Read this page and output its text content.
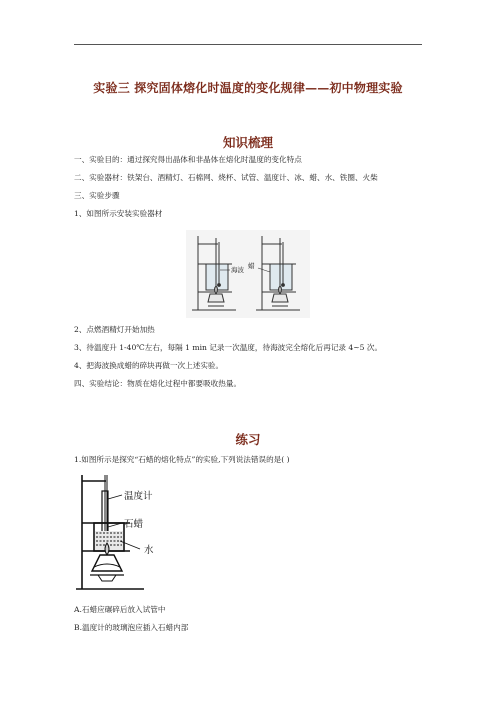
实验三 探究固体熔化时温度的变化规律——初中物理实验
知识梳理
一、实验目的：通过探究得出晶体和非晶体在熔化时温度的变化特点
二、实验器材：铁架台、酒精灯、石棉网、烧杯、试管、温度计、冰、蜡、水、铁圈、火柴
三、实验步骤
1、如图所示安装实验器材
海波 蜡
2、点燃酒精灯开始加热
3、待温度升 1-40℃左右，每隔 1 min 记录一次温度，待海波完全熔化后再记录 4~5 次。
4、把海波换成蜡的碎块再做一次上述实验。
四、实验结论：物质在熔化过程中都要吸收热量。
练习
1.如图所示是探究“石蜡的熔化特点”的实验,下列说法错误的是( )
温度计
石蜡
水
A.石蜡应碾碎后放入试管中
B.温度计的玻璃泡应插入石蜡内部
